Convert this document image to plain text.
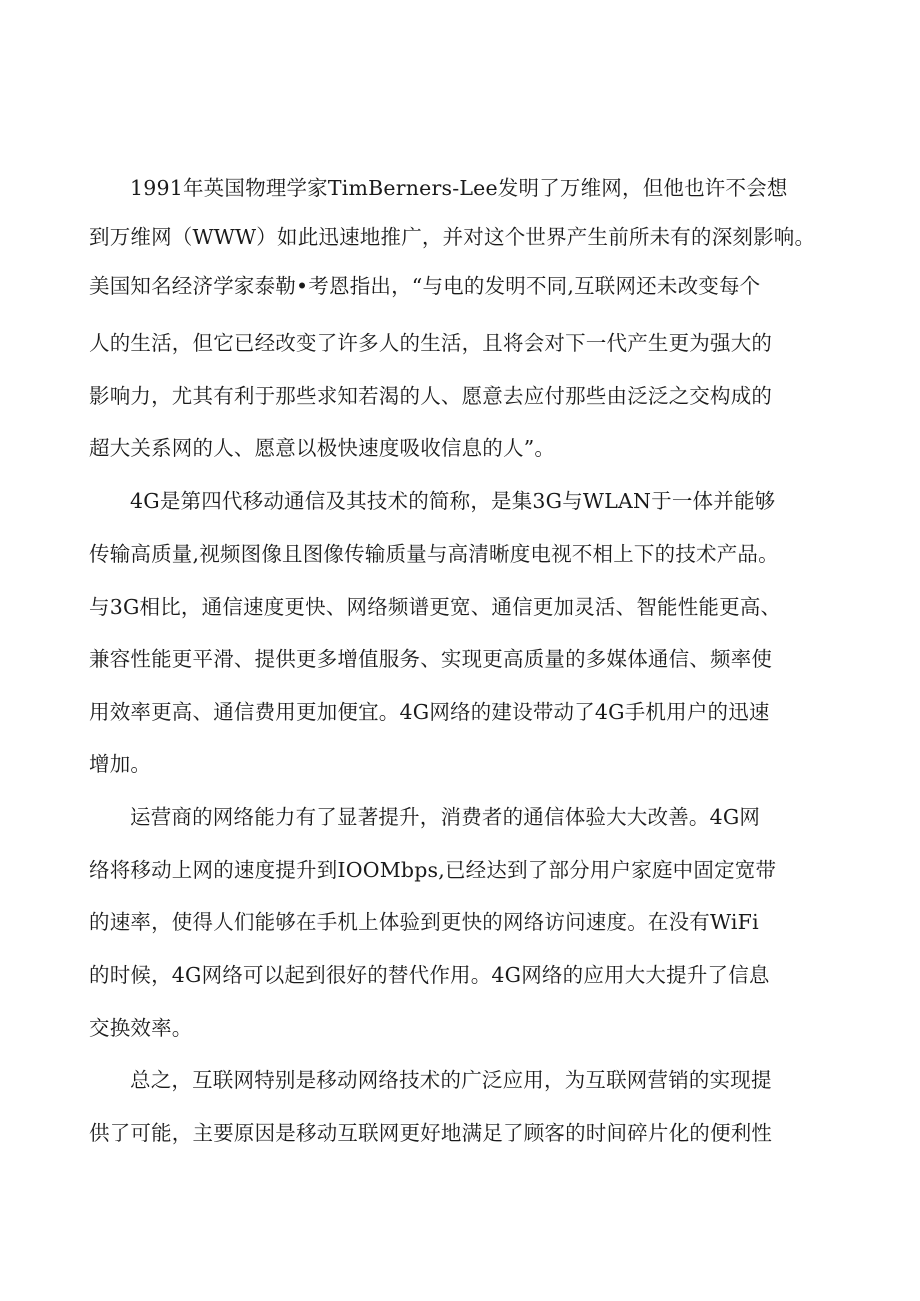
1991年英国物理学家TimBerners-Lee发明了万维网，但他也许不会想
到万维网（WWW）如此迅速地推广，并对这个世界产生前所未有的深刻影响。
美国知名经济学家泰勒•考恩指出，“与电的发明不同,互联网还未改变每个
人的生活，但它已经改变了许多人的生活，且将会对下一代产生更为强大的
影响力，尤其有利于那些求知若渴的人、愿意去应付那些由泛泛之交构成的
超大关系网的人、愿意以极快速度吸收信息的人”。
4G是第四代移动通信及其技术的简称，是集3G与WLAN于一体并能够
传输高质量,视频图像且图像传输质量与高清晰度电视不相上下的技术产品。
与3G相比，通信速度更快、网络频谱更宽、通信更加灵活、智能性能更高、
兼容性能更平滑、提供更多增值服务、实现更高质量的多媒体通信、频率使
用效率更高、通信费用更加便宜。4G网络的建设带动了4G手机用户的迅速
增加。
运营商的网络能力有了显著提升，消费者的通信体验大大改善。4G网
络将移动上网的速度提升到IOOMbps,已经达到了部分用户家庭中固定宽带
的速率，使得人们能够在手机上体验到更快的网络访问速度。在没有WiFi
的时候，4G网络可以起到很好的替代作用。4G网络的应用大大提升了信息
交换效率。
总之，互联网特别是移动网络技术的广泛应用，为互联网营销的实现提
供了可能，主要原因是移动互联网更好地满足了顾客的时间碎片化的便利性
